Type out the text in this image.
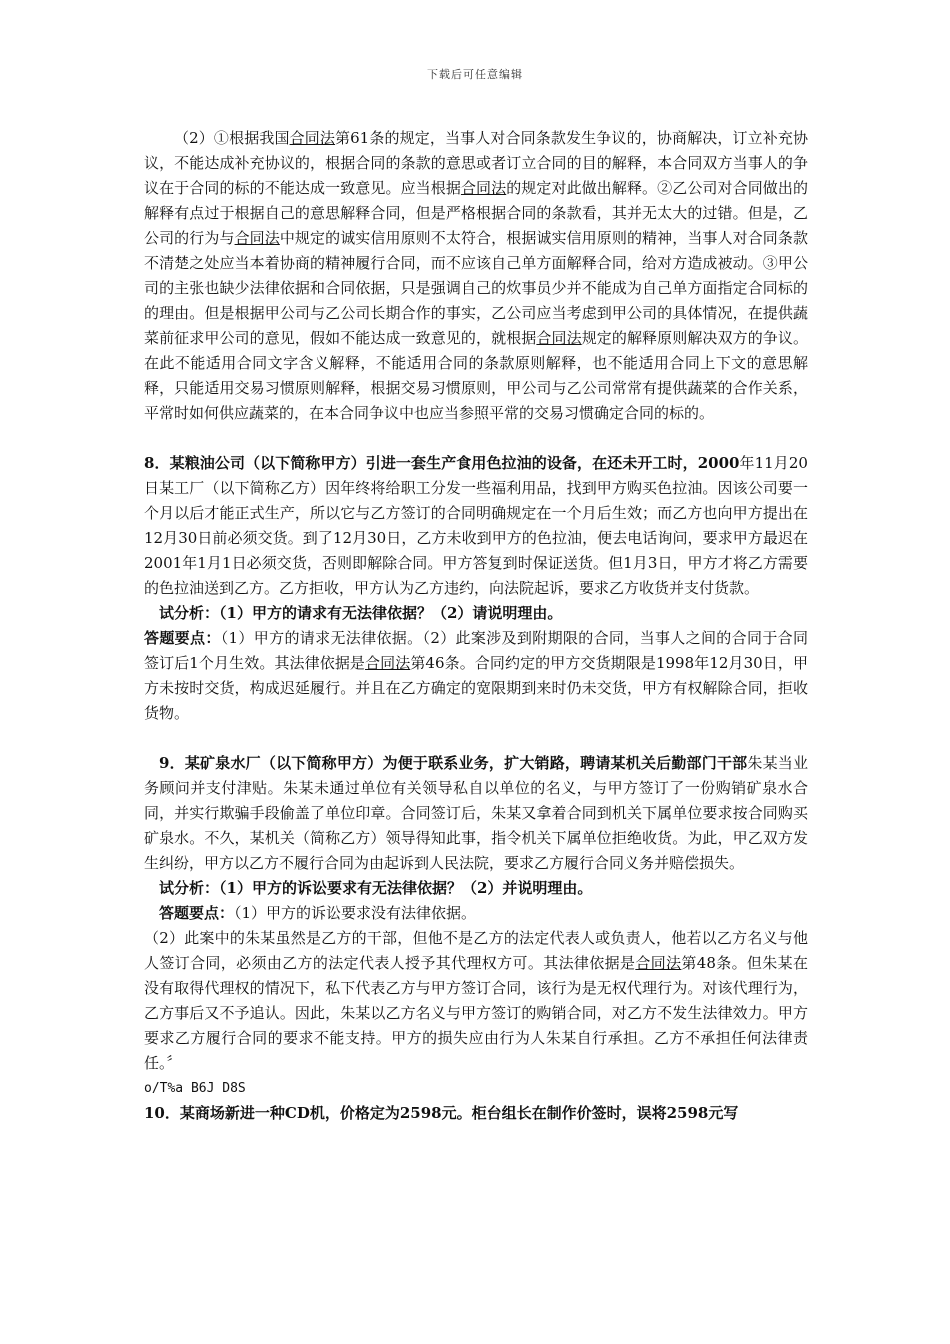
下载后可任意编辑

（2）①根据我国合同法第61条的规定，当事人对合同条款发生争议的，协商解决，订立补充协议，不能达成补充协议的，根据合同的条款的意思或者订立合同的目的解释，本合同双方当事人的争议在于合同的标的不能达成一致意见。应当根据合同法的规定对此做出解释。②乙公司对合同做出的解释有点过于根据自己的意思解释合同，但是严格根据合同的条款看，其并无太大的过错。但是，乙公司的行为与合同法中规定的诚实信用原则不太符合，根据诚实信用原则的精神，当事人对合同条款不清楚之处应当本着协商的精神履行合同，而不应该自己单方面解释合同，给对方造成被动。③甲公司的主张也缺少法律依据和合同依据，只是强调自己的炊事员少并不能成为自己单方面指定合同标的的理由。但是根据甲公司与乙公司长期合作的事实，乙公司应当考虑到甲公司的具体情况，在提供蔬菜前征求甲公司的意见，假如不能达成一致意见的，就根据合同法规定的解释原则解决双方的争议。在此不能适用合同文字含义解释，不能适用合同的条款原则解释，也不能适用合同上下文的意思解释，只能适用交易习惯原则解释，根据交易习惯原则，甲公司与乙公司常常有提供蔬菜的合作关系，平常时如何供应蔬菜的，在本合同争议中也应当参照平常的交易习惯确定合同的标的。

8．某粮油公司（以下简称甲方）引进一套生产食用色拉油的设备，在还未开工时，2000年11月20日某工厂（以下简称乙方）因年终将给职工分发一些福利用品，找到甲方购买色拉油。因该公司要一个月以后才能正式生产，所以它与乙方签订的合同明确规定在一个月后生效；而乙方也向甲方提出在12月30日前必须交货。到了12月30日，乙方未收到甲方的色拉油，便去电话询问，要求甲方最迟在2001年1月1日必须交货，否则即解除合同。甲方答复到时保证送货。但1月3日，甲方才将乙方需要的色拉油送到乙方。乙方拒收，甲方认为乙方违约，向法院起诉，要求乙方收货并支付货款。

试分析：（1）甲方的请求有无法律依据？（2）请说明理由。

答题要点：（1）甲方的请求无法律依据。（2）此案涉及到附期限的合同，当事人之间的合同于合同签订后1个月生效。其法律依据是合同法第46条。合同约定的甲方交货期限是1998年12月30日，甲方未按时交货，构成迟延履行。并且在乙方确定的宽限期到来时仍未交货，甲方有权解除合同，拒收货物。

9．某矿泉水厂（以下简称甲方）为便于联系业务，扩大销路，聘请某机关后勤部门干部朱某当业务顾问并支付津贴。朱某未通过单位有关领导私自以单位的名义，与甲方签订了一份购销矿泉水合同，并实行欺骗手段偷盖了单位印章。合同签订后，朱某又拿着合同到机关下属单位要求按合同购买矿泉水。不久，某机关（简称乙方）领导得知此事，指令机关下属单位拒绝收货。为此，甲乙双方发生纠纷，甲方以乙方不履行合同为由起诉到人民法院，要求乙方履行合同义务并赔偿损失。

试分析：（1）甲方的诉讼要求有无法律依据？（2）并说明理由。

答题要点：（1）甲方的诉讼要求没有法律依据。

（2）此案中的朱某虽然是乙方的干部，但他不是乙方的法定代表人或负责人，他若以乙方名义与他人签订合同，必须由乙方的法定代表人授予其代理权方可。其法律依据是合同法第48条。但朱某在没有取得代理权的情况下，私下代表乙方与甲方签订合同，该行为是无权代理行为。对该代理行为，乙方事后又不予追认。因此，朱某以乙方名义与甲方签订的购销合同，对乙方不发生法律效力。甲方要求乙方履行合同的要求不能支持。甲方的损失应由行为人朱某自行承担。乙方不承担任何法律责任。〞

o/T%a B6J D8S

10．某商场新进一种CD机，价格定为2598元。柜台组长在制作价签时，误将2598元写
